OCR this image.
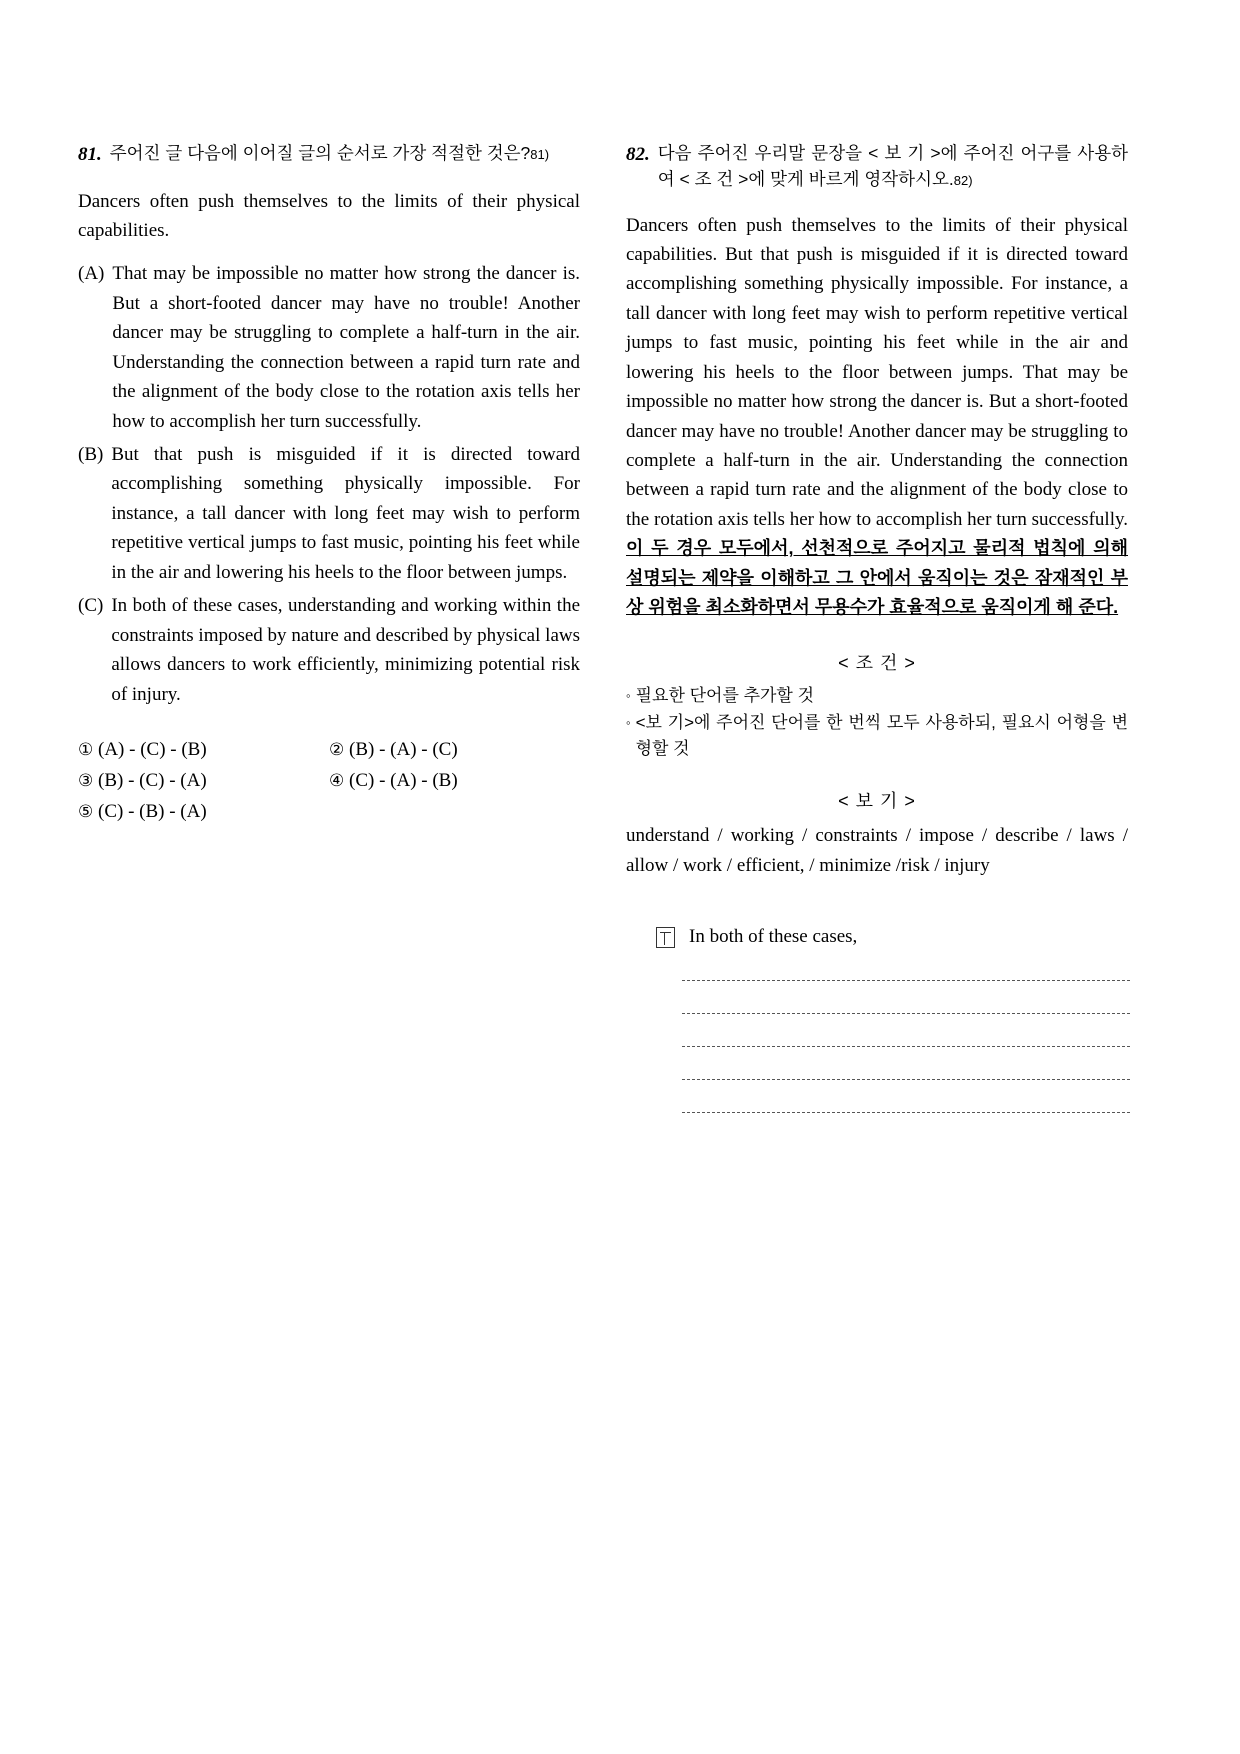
81. 주어진 글 다음에 이어질 글의 순서로 가장 적절한 것은?81)

Dancers often push themselves to the limits of their physical capabilities.

(A) That may be impossible no matter how strong the dancer is. But a short-footed dancer may have no trouble! Another dancer may be struggling to complete a half-turn in the air. Understanding the connection between a rapid turn rate and the alignment of the body close to the rotation axis tells her how to accomplish her turn successfully.
(B) But that push is misguided if it is directed toward accomplishing something physically impossible. For instance, a tall dancer with long feet may wish to perform repetitive vertical jumps to fast music, pointing his feet while in the air and lowering his heels to the floor between jumps.
(C) In both of these cases, understanding and working within the constraints imposed by nature and described by physical laws allows dancers to work efficiently, minimizing potential risk of injury.
① (A) - (C) - (B)	② (B) - (A) - (C)
③ (B) - (C) - (A)	④ (C) - (A) - (B)
⑤ (C) - (B) - (A)
82. 다음 주어진 우리말 문장을 < 보 기 >에 주어진 어구를 사용하여 < 조 건 >에 맞게 바르게 영작하시오.82)

Dancers often push themselves to the limits of their physical capabilities. But that push is misguided if it is directed toward accomplishing something physically impossible. For instance, a tall dancer with long feet may wish to perform repetitive vertical jumps to fast music, pointing his feet while in the air and lowering his heels to the floor between jumps. That may be impossible no matter how strong the dancer is. But a short-footed dancer may have no trouble! Another dancer may be struggling to complete a half-turn in the air. Understanding the connection between a rapid turn rate and the alignment of the body close to the rotation axis tells her how to accomplish her turn successfully. 이 두 경우 모두에서, 선천적으로 주어지고 물리적 법칙에 의해 설명되는 제약을 이해하고 그 안에서 움직이는 것은 잠재적인 부상 위험을 최소화하면서 무용수가 효율적으로 움직이게 해 준다.

< 조 건 >
◦ 필요한 단어를 추가할 것
◦ <보 기>에 주어진 단어를 한 번씩 모두 사용하되, 필요시 어형을 변형할 것
< 보 기 >
understand / working / constraints / impose / describe / laws / allow / work / efficient, / minimize /risk / injury
In both of these cases,
